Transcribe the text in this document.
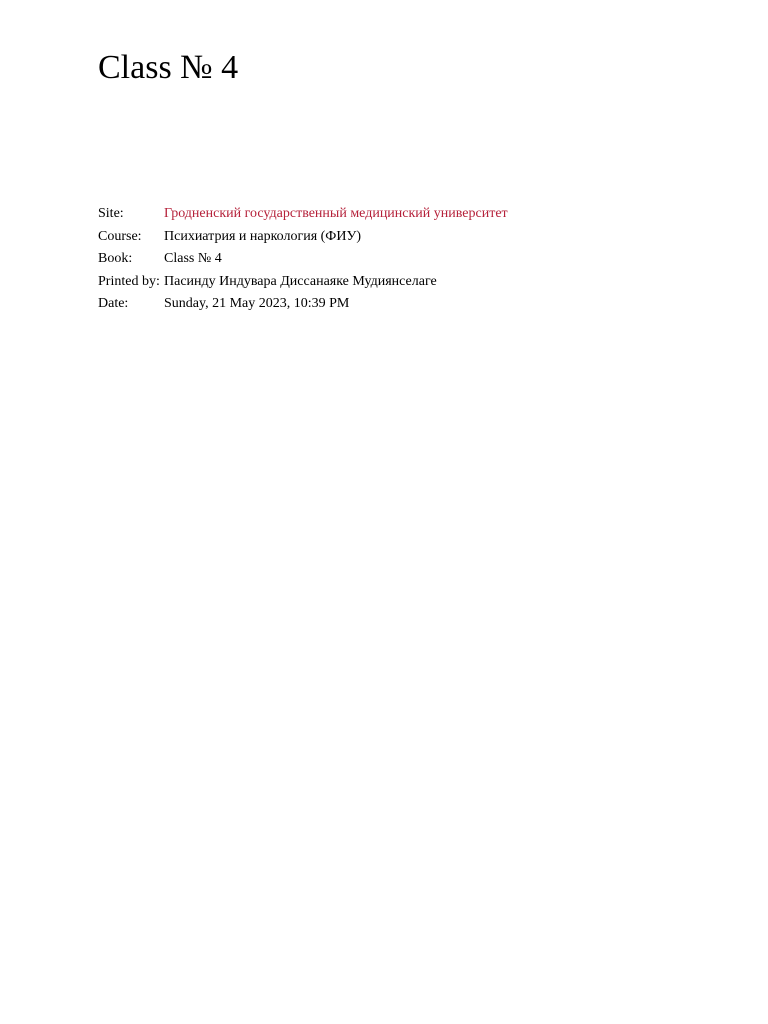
Class № 4
Site:	Гродненский государственный медицинский университет
Course:	Психиатрия и наркология (ФИУ)
Book:	Class № 4
Printed by:	Пасинду Индувара Диссанаяке Мудиянселаге
Date:	Sunday, 21 May 2023, 10:39 PM
